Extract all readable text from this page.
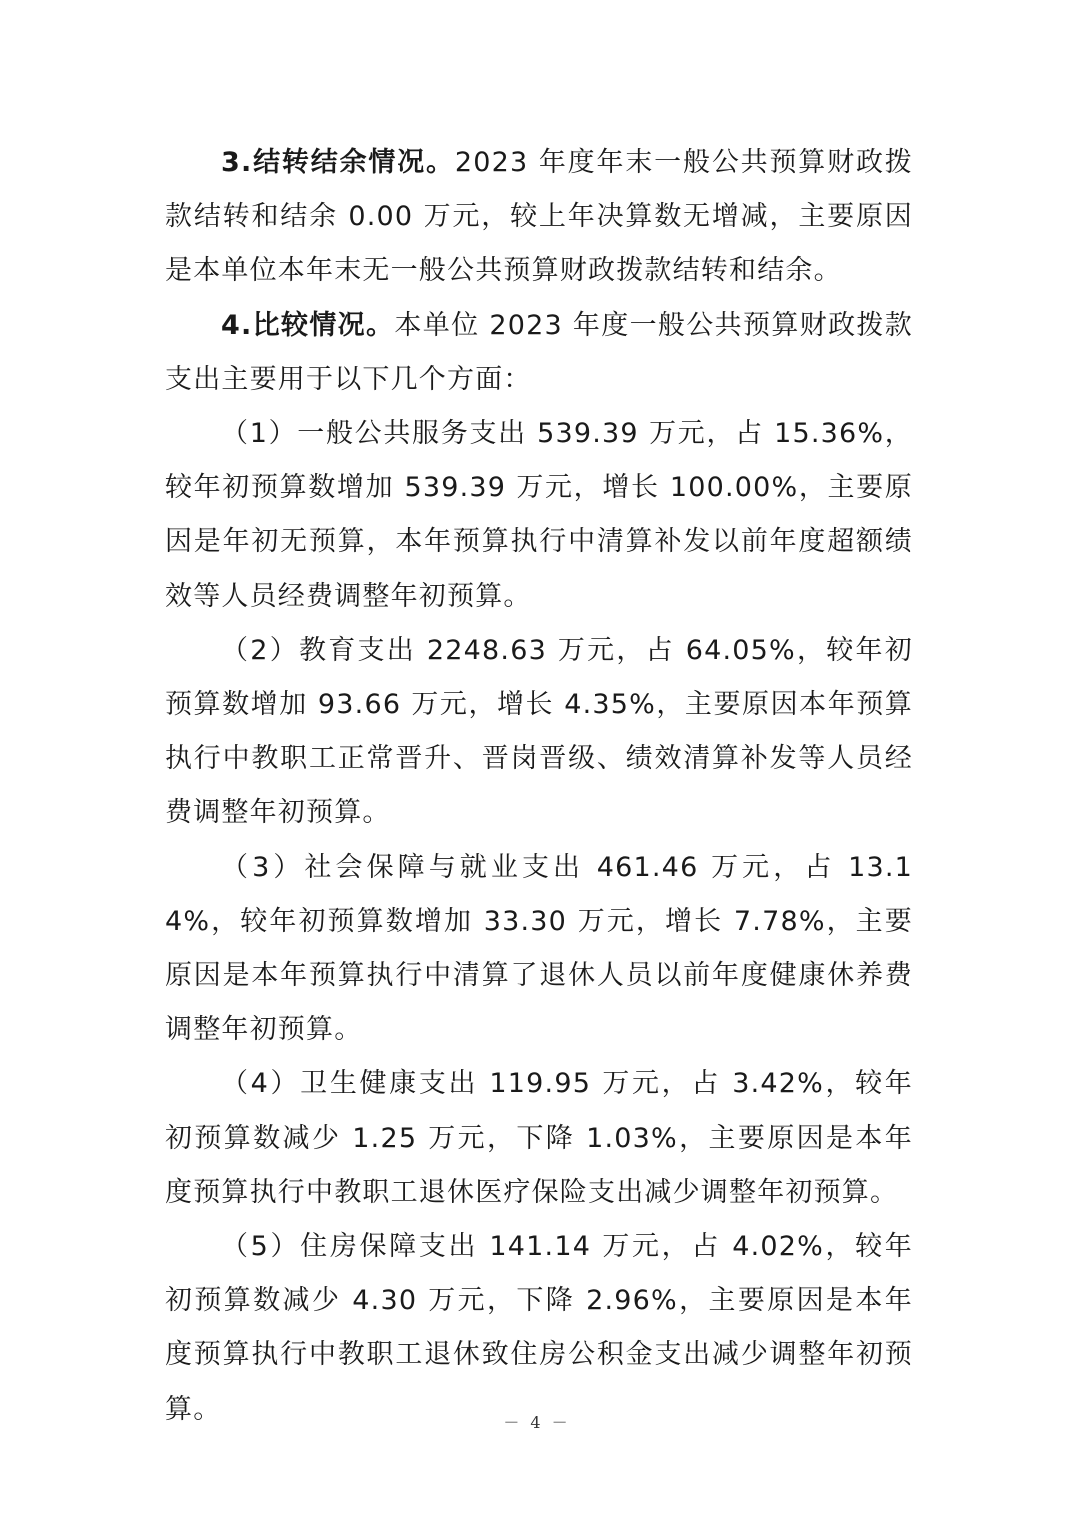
3.结转结余情况。2023 年度年末一般公共预算财政拨款结转和结余 0.00 万元，较上年决算数无增减，主要原因是本单位本年末无一般公共预算财政拨款结转和结余。

4.比较情况。本单位 2023 年度一般公共预算财政拨款支出主要用于以下几个方面：

（1）一般公共服务支出 539.39 万元，占 15.36%，较年初预算数增加 539.39 万元，增长 100.00%，主要原因是年初无预算，本年预算执行中清算补发以前年度超额绩效等人员经费调整年初预算。

（2）教育支出 2248.63 万元，占 64.05%，较年初预算数增加 93.66 万元，增长 4.35%，主要原因本年预算执行中教职工正常晋升、晋岗晋级、绩效清算补发等人员经费调整年初预算。

（3）社会保障与就业支出 461.46 万元，占 13.14%，较年初预算数增加 33.30 万元，增长 7.78%，主要原因是本年预算执行中清算了退休人员以前年度健康休养费调整年初预算。

（4）卫生健康支出 119.95 万元，占 3.42%，较年初预算数减少 1.25 万元，下降 1.03%，主要原因是本年度预算执行中教职工退休医疗保险支出减少调整年初预算。

（5）住房保障支出 141.14 万元，占 4.02%，较年初预算数减少 4.30 万元，下降 2.96%，主要原因是本年度预算执行中教职工退休致住房公积金支出减少调整年初预算。	－ 4 －
